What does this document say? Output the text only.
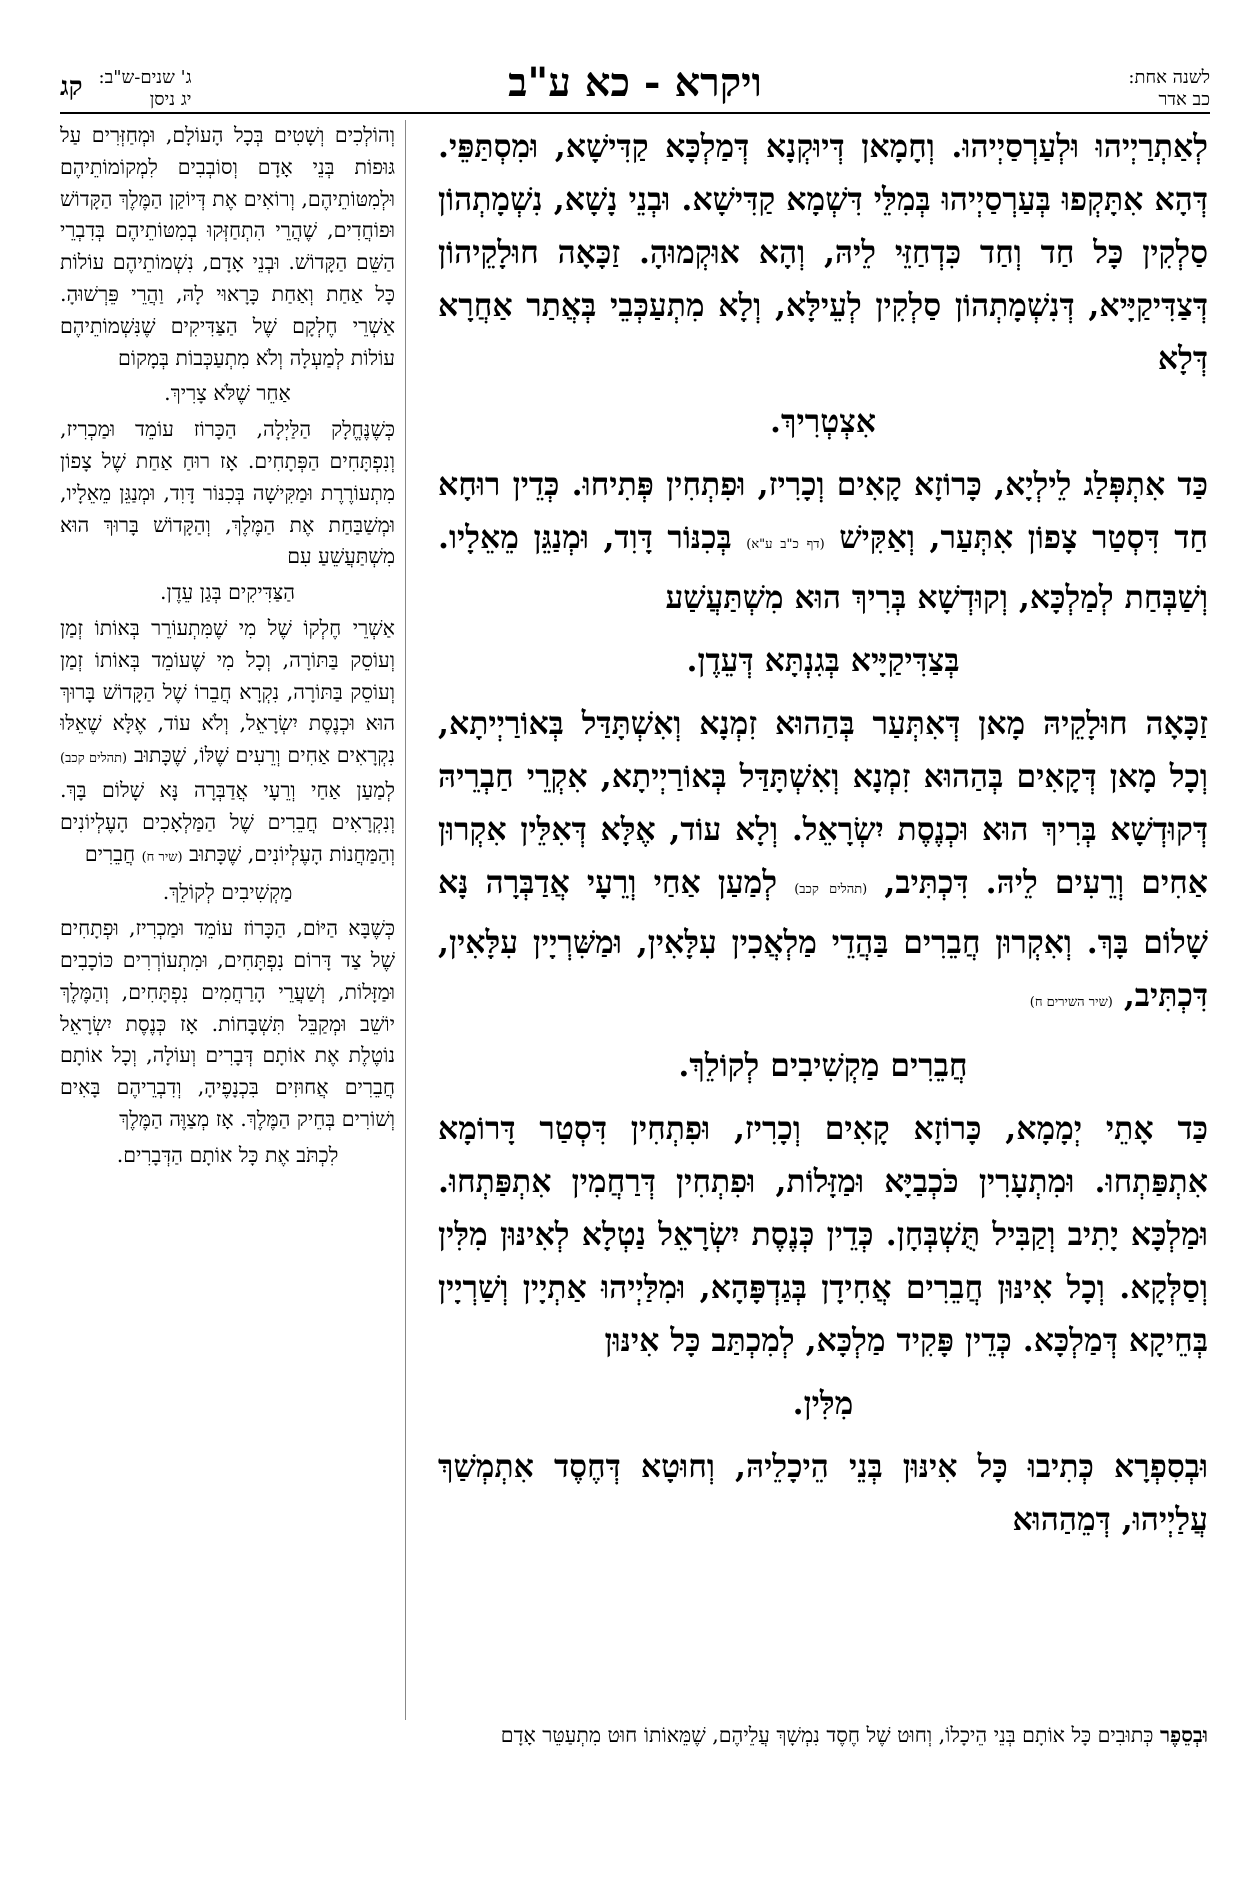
לשנה אחת:
כב אדר
ויקרא - כא ע"ב
ג' שנים-ש"ב:
יג ניסן
קג

לְאַתְרַיְיהוּ וּלְעַרְסַיְיהוּ. וְחָמָאן דְּיוּקְנָא דְּמַלְכָּא קַדִּישָׁא, וּמִסְתַּפֵּי. דְּהָא אִתָּקְפוּ בְּעַרְסַיְיהוּ בְּמִלֵּי דִּשְׁמָא קַדִּישָׁא. וּבְנֵי נָשָׁא, נִשְׁמָתְהוֹן סַלְקִין כָּל חַד וְחַד כִּדְחַזֵּי לֵיהּ, וְהָא אוּקְמוּהָ. זַכָּאָה חוּלָקֵיהוֹן דְּצַדִּיקַיָּיא, דְּנִשְׁמָתְהוֹן סַלְקִין לְעֵילָּא, וְלָא מִתְעַכְּבֵי בְּאֲתַר אַחֲרָא דְּלָא

אִצְטְרִיךְ.

כַּד אִתְפְּלַג לֵילְיָא, כָּרוֹזָא קָאִים וְכָרִיז, וּפִתְחִין פְּתִיחוּ. כְּדֵין רוּחָא חַד דִּסְטַר צָפוֹן אִתְּעַר, וְאַקִּישׁ (דף כ"ב ע"א) בְּכִנּוֹר דָּוִד, וּמְנַגֵּן מֵאֵלָיו. וְשַׁבְּחַת לְמַלְכָּא, וְקוּדְשָׁא בְּרִיךְ הוּא מִשְׁתַּעֲשַׁע

בְּצַדִּיקַיָּיא בְּגִנְתָּא דְּעֵדֶן.

זַכָּאָה חוּלָקֵיהּ מָאן דְּאִתְּעַר בְּהַהוּא זִמְנָא וְאִשְׁתָּדַּל בְּאוֹרַיְיתָא, וְכָל מָאן דְּקָאִים בְּהַהוּא זִמְנָא וְאִשְׁתָּדַּל בְּאוֹרַיְיתָא, אִקְרֵי חַבְרֵיהּ דְּקוּדְשָׁא בְּרִיךְ הוּא וּכְנֶסֶת יִשְׂרָאֵל. וְלָא עוֹד, אֶלָּא דְּאִלֵּין אִקְרוּן אַחִים וְרֵעִים לֵיהּ. דִּכְתִּיב, (תהלים קכב) לְמַעַן אַחַי וְרֵעָי אֲדַבְּרָה נָּא שָׁלוֹם בָּךְ. וְאִקְרוּן חֲבֵרִים בַּהֲדֵי מַלְאֲכִין עִלָּאִין, וּמַשִּׁרְיָין עִלָּאִין, דִּכְתִּיב, (שיר השירים ח)

חֲבֵרִים מַקְשִׁיבִים לְקוֹלֵךְ.

כַּד אָתֵי יְמָמָא, כָּרוֹזָא קָאִים וְכָרִיז, וּפִתְחִין דִּסְטַר דָּרוֹמָא אִתְפַּתְחוּ. וּמִתְעָרִין כֹּכְבַיָּא וּמַזָּלוֹת, וּפִתְחִין דְּרַחֲמִין אִתְפַּתְחוּ. וּמַלְכָּא יָתִיב וְקַבִּיל תֻּשְׁבְּחָן. כְּדֵין כְּנֶסֶת יִשְׂרָאֵל נַטְלָא לְאִינּוּן מִלִּין וְסַלְּקָא. וְכָל אִינּוּן חֲבֵרִים אֲחִידָן בְּגַדְפָּהָא, וּמִלַּיְיהוּ אַתְיָין וְשַׁרְיָין בְּחֵיקָא דְּמַלְכָּא. כְּדֵין פָּקִיד מַלְכָּא, לְמִכְתַּב כָּל אִינּוּן

מִלִּין.

וּבְסִפְרָא כְּתִיבוּ כָּל אִינּוּן בְּנֵי הֵיכָלֵיהּ, וְחוּטָא דְּחֶסֶד אִתְמְשַׁךְ עֲלַיְיהוּ, דְּמֵהַהוּא

וְהוֹלְכִים וְשָׁטִים בְּכָל הָעוֹלָם, וּמְחַזְּרִים עַל גּוּפוֹת בְּנֵי אָדָם וְסוֹבְבִים לִמְקוֹמוֹתֵיהֶם וּלְמִטּוֹתֵיהֶם, וְרוֹאִים אֶת דְּיוֹקַן הַמֶּלֶךְ הַקָּדוֹשׁ וּפוֹחֲדִים, שֶׁהֲרֵי הִתְחַזְּקוּ בְמִטּוֹתֵיהֶם בְּדִבְרֵי הַשֵּׁם הַקָּדוֹשׁ. וּבְנֵי אָדָם, נִשְׁמוֹתֵיהֶם עוֹלוֹת כָּל אַחַת וְאַחַת כָּרָאוּי לָהּ, וַהֲרֵי פֵּרְשׁוּהָ. אַשְׁרֵי חֶלְקָם שֶׁל הַצַּדִּיקִים שֶׁנִּשְׁמוֹתֵיהֶם עוֹלוֹת לְמַעְלָה וְלֹא מִתְעַכְּבוֹת בְּמָקוֹם

אַחֵר שֶׁלֹּא צָרִיךְ.

כְּשֶׁנֶּחֱלָק הַלַּיְלָה, הַכָּרוֹז עוֹמֵד וּמַכְרִיז, וְנִפְתָּחִים הַפְּתָחִים. אָז רוּחַ אַחַת שֶׁל צָפוֹן מִתְעוֹרֶרֶת וּמַקִּישָׁה בְּכִנּוֹר דָּוִד, וּמְנַגֵּן מֵאֵלָיו, וּמְשַׁבַּחַת אֶת הַמֶּלֶךְ, וְהַקָּדוֹשׁ בָּרוּךְ הוּא מִשְׁתַּעֲשֵׁעַ עִם

הַצַּדִּיקִים בְּגַן עֵדֶן.

אַשְׁרֵי חֶלְקוֹ שֶׁל מִי שֶׁמִּתְעוֹרֵר בְּאוֹתוֹ זְמַן וְעוֹסֵק בַּתּוֹרָה, וְכָל מִי שֶׁעוֹמֵד בְּאוֹתוֹ זְמַן וְעוֹסֵק בַּתּוֹרָה, נִקְרָא חֲבֵרוֹ שֶׁל הַקָּדוֹשׁ בָּרוּךְ הוּא וּכְנֶסֶת יִשְׂרָאֵל, וְלֹא עוֹד, אֶלָּא שֶׁאֵלּוּ נִקְרָאִים אַחִים וְרֵעִים שֶׁלּוֹ, שֶׁכָּתוּב (תהלים קכב) לְמַעַן אַחַי וְרֵעָי אֲדַבְּרָה נָּא שָׁלוֹם בָּךְ. וְנִקְרָאִים חֲבֵרִים שֶׁל הַמַּלְאָכִים הָעֶלְיוֹנִים וְהַמַּחֲנוֹת הָעֶלְיוֹנִים, שֶׁכָּתוּב (שיר ח) חֲבֵרִים

מַקְשִׁיבִים לְקוֹלֵךְ.

כְּשֶׁבָּא הַיּוֹם, הַכָּרוֹז עוֹמֵד וּמַכְרִיז, וּפְתָחִים שֶׁל צַד דָּרוֹם נִפְתָּחִים, וּמִתְעוֹרְרִים כּוֹכָבִים וּמַזָּלוֹת, וְשַׁעֲרֵי הָרַחֲמִים נִפְתָּחִים, וְהַמֶּלֶךְ יוֹשֵׁב וּמְקַבֵּל תִּשְׁבָּחוֹת. אָז כְּנֶסֶת יִשְׂרָאֵל נוֹטֶלֶת אֶת אוֹתָם דְּבָרִים וְעוֹלָה, וְכָל אוֹתָם חֲבֵרִים אֲחוּזִים בִּכְנָפֶיהָ, וְדִבְרֵיהֶם בָּאִים וְשׁוֹרִים בְּחֵיק הַמֶּלֶךְ. אָז מְצַוֶּה הַמֶּלֶךְ

לִכְתֹּב אֶת כָּל אוֹתָם הַדְּבָרִים.

וּבְסֵפֶר כְּתוּבִים כָּל אוֹתָם בְּנֵי הֵיכָלוֹ, וְחוּט שֶׁל חֶסֶד נִמְשָׁךְ עֲלֵיהֶם, שֶׁמֵּאוֹתוֹ חוּט מִתְעַטֵּר אָדָם
